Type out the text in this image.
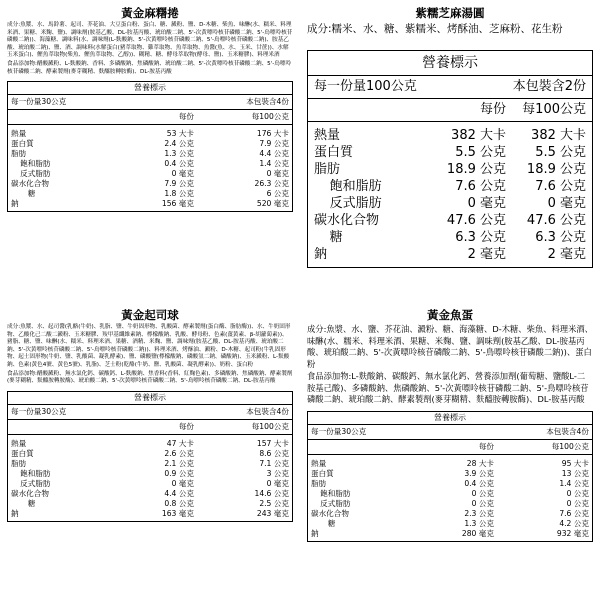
黃金麻糬捲
成分:魚漿、水、馬鈴薯、起司、芥花油、大豆蛋白粉、蛋白、糖、澱粉、鹽、D-木糖、柴魚、味醂(水、糯米、料理米酒、果糖、米麴、鹽)、調味劑(胺基乙酸、DL-胺基丙酸、琥珀酸二鈉、5'-次黃嘌呤核苷磷酸二鈉、5'-鳥嘌呤核苷磷酸二鈉))、海藻糖、調味料(水、調味劑(L-麩酸鈉、5'-次黃嘌呤核苷磷酸二鈉、5'-鳥嘌呤核苷磷酸二鈉)、胺基乙酸、琥珀酸二鈉)、鹽、酒、調味料(水解蛋白(豬萃取物、雞萃取物、魚萃取物、魚醬(魚、水、玉米、甘蔗))、水解玉米蛋白)、鰹魚萃取物(柴魚、鰹魚萃取物、乙醇))、糊精、糖、酵母萃取物(酵母、鹽)、玉米糖膠)、料理米酒
食品添加物:醋酸澱粉、L-麩酸鈉、香料、多磷酸鈉、焦磷酸鈉、琥珀酸二鈉、5'-次黃嘌呤核苷磷酸二鈉、5'-鳥嘌呤核苷磷酸二鈉、酵素製劑(麥芽糊精、麩醯胺轉胺酶)、DL-胺基丙酸
營養標示
每一份量30公克	本包裝含4份
每份	每100公克
熱量	53 大卡	176 大卡
蛋白質	2.4 公克	7.9 公克
脂肪	1.3 公克	4.4 公克
飽和脂肪	0.4 公克	1.4 公克
反式脂肪	0 毫克	0 毫克
碳水化合物	7.9 公克	26.3 公克
糖	1.8 公克	6 公克
鈉	156 毫克	520 毫克
紫糯芝麻湯圓
成分:糯米、水、糖、紫糯米、烤酥油、芝麻粉、花生粉
營養標示
每一份量100公克	本包裝含2份
每份	每100公克
熱量	382 大卡	382 大卡
蛋白質	5.5 公克	5.5 公克
脂肪	18.9 公克	18.9 公克
飽和脂肪	7.6 公克	7.6 公克
反式脂肪	0 毫克	0 毫克
碳水化合物	47.6 公克	47.6 公克
糖	6.3 公克	6.3 公克
鈉	2 毫克	2 毫克
黃金起司球
成分:魚漿、水、起司醬(乳酪(牛奶)、乳脂、鹽、牛奶固形物、乳酸菌、酵素製劑(蛋白酶、脂肪酶))、水、牛奶固形物、乙酸化己二酸二澱粉、玉米糖膠、羧甲基纖維素鈉、檸檬酸鈉、乳酸、酵母粉、色素(薑黃素、β-胡蘿蔔素))、豬脂、糖、鹽、味醂(水、糯米、料理米酒、果糖、酒精、米麴、鹽、調味劑(胺基乙酸、DL-胺基丙酸、琥珀酸二鈉、5'-次黃嘌呤核苷磷酸二鈉、5'-鳥嘌呤核苷磷酸二鈉))、料理米酒、烤酥油、澱粉、D-木糖、起司粉(牛乳固形物、起士固形物(牛奶、鹽、乳酸菌、凝乳酵素)、鹽、磷酸鹽(檸檬酸鈉、磷酸氫二鈉、磷酸鈉)、玉米澱粉、L-麩酸鈉、色素(黃色4號、黃色5號)、乳脂)、芝士粉(乾酪(牛奶、鹽、乳酸菌、凝乳酵素))、奶粉、蛋白粉
食品添加物:醋酸澱粉、無水氯化鈣、碳酸鈣、L-麩酸鈉、焦香料(香料、紅麴色素)、多磷酸鈉、焦磷酸鈉、酵素製劑(麥芽糊精、麩醯胺轉胺酶)、琥珀酸二鈉、5'-次黃嘌呤核苷磷酸二鈉、5'-鳥嘌呤核苷磷酸二鈉、DL-胺基丙酸
營養標示
每一份量30公克	本包裝含4份
每份	每100公克
熱量	47 大卡	157 大卡
蛋白質	2.6 公克	8.6 公克
脂肪	2.1 公克	7.1 公克
飽和脂肪	0.9 公克	3 公克
反式脂肪	0 毫克	0 毫克
碳水化合物	4.4 公克	14.6 公克
糖	0.8 公克	2.5 公克
鈉	163 毫克	243 毫克
黃金魚蛋
成分:魚漿、水、鹽、芥花油、澱粉、糖、海藻糖、D-木糖、柴魚、料理米酒、味醂(水、糯米、料理米酒、果糖、米麴、鹽、調味劑(胺基乙酸、DL-胺基丙酸、琥珀酸二鈉、5'-次黃嘌呤核苷磷酸二鈉、5'-鳥嘌呤核苷磷酸二鈉))、蛋白粉
食品添加物:L-麩酸鈉、碳酸鈣、無水氯化鈣、營養添加劑(葡萄糖、鹽酸L-二胺基己酸)、多磷酸鈉、焦磷酸鈉、5'-次黃嘌呤核苷磷酸二鈉、5'-鳥嘌呤核苷磷酸二鈉、琥珀酸二鈉、酵素製劑(麥芽糊精、麩醯胺轉胺酶)、DL-胺基丙酸
營養標示
每一份量30公克	本包裝含4份
每份	每100公克
熱量	28 大卡	95 大卡
蛋白質	3.9 公克	13 公克
脂肪	0.4 公克	1.4 公克
飽和脂肪	0 公克	0 公克
反式脂肪	0 公克	0 公克
碳水化合物	2.3 公克	7.6 公克
糖	1.3 公克	4.2 公克
鈉	280 毫克	932 毫克
